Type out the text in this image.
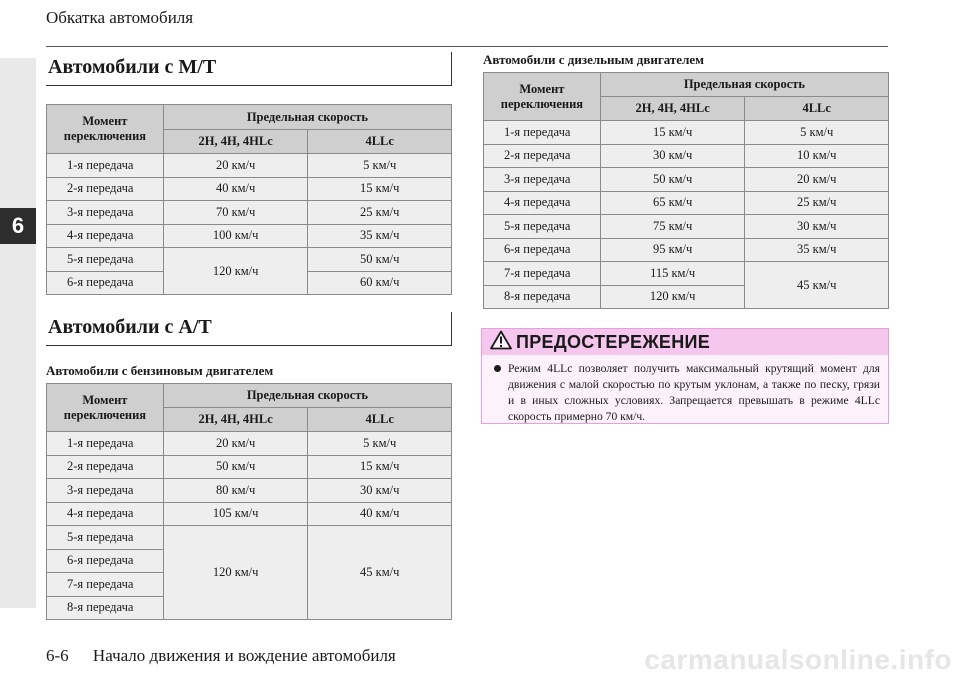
6
Обкатка автомобиля
Автомобили с M/T
Момент переключения	Предельная скорость	
	2H, 4H, 4HLc	4LLc
1-я передача	20 км/ч	5 км/ч
2-я передача	40 км/ч	15 км/ч
3-я передача	70 км/ч	25 км/ч
4-я передача	100 км/ч	35 км/ч
5-я передача	120 км/ч	50 км/ч
6-я передача		60 км/ч
Автомобили с A/T
Автомобили с бензиновым двигателем
Момент переключения	Предельная скорость	
	2H, 4H, 4HLc	4LLc
1-я передача	20 км/ч	5 км/ч
2-я передача	50 км/ч	15 км/ч
3-я передача	80 км/ч	30 км/ч
4-я передача	105 км/ч	40 км/ч
5-я передача	120 км/ч	45 км/ч
6-я передача		
7-я передача		
8-я передача		
Автомобили с дизельным двигателем
Момент переключения	Предельная скорость	
	2H, 4H, 4HLc	4LLc
1-я передача	15 км/ч	5 км/ч
2-я передача	30 км/ч	10 км/ч
3-я передача	50 км/ч	20 км/ч
4-я передача	65 км/ч	25 км/ч
5-я передача	75 км/ч	30 км/ч
6-я передача	95 км/ч	35 км/ч
7-я передача	115 км/ч	45 км/ч
8-я передача	120 км/ч	
ПРЕДОСТЕРЕЖЕНИЕ
Режим 4LLc позволяет получить максимальный крутящий момент для движения с малой скоростью по крутым уклонам, а также по песку, грязи и в иных сложных условиях. Запрещается превышать в режиме 4LLc скорость примерно 70 км/ч.
6-6 Начало движения и вождение автомобиля	carmanualsonline.info
